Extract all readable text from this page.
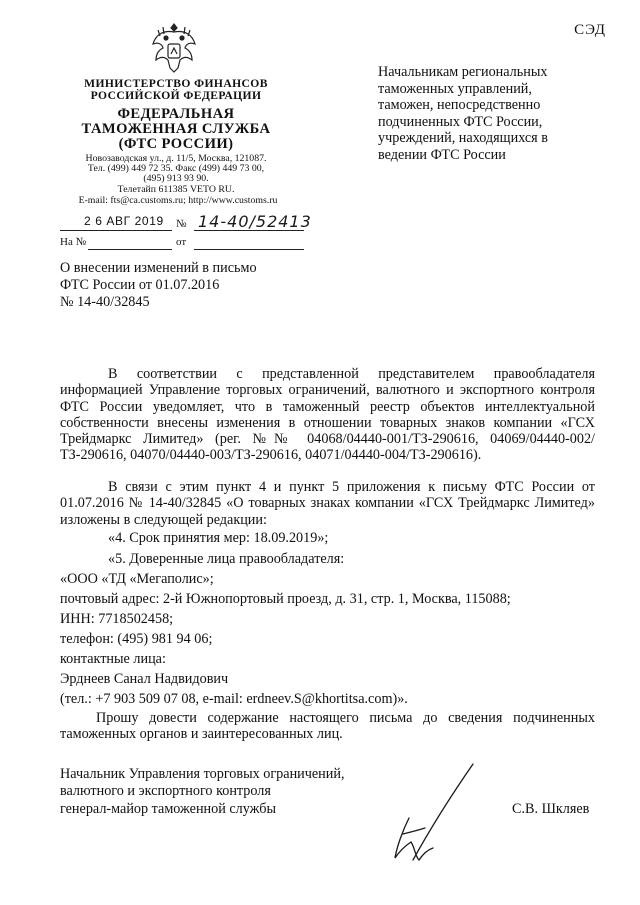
СЭД
МИНИСТЕРСТВО ФИНАНСОВ
РОССИЙСКОЙ ФЕДЕРАЦИИ
ФЕДЕРАЛЬНАЯ
ТАМОЖЕННАЯ СЛУЖБА
(ФТС РОССИИ)
Новозаводская ул., д. 11/5, Москва, 121087.
Тел. (499) 449 72 35. Факс (499) 449 73 00,
(495) 913 93 90.
Телетайп 611385 VETO RU.
E-mail: fts@ca.customs.ru; http://www.customs.ru
2 6 АВГ 2019 № 14-40/52413
На №	от
Начальникам региональных
таможенных управлений,
таможен, непосредственно
подчиненных ФТС России,
учреждений, находящихся в
ведении ФТС России
О внесении изменений в письмо
ФТС России от 01.07.2016
№ 14-40/32845
В соответствии с представленной представителем правообладателя информацией Управление торговых ограничений, валютного и экспортного контроля ФТС России уведомляет, что в таможенный реестр объектов интеллектуальной собственности внесены изменения в отношении товарных знаков компании «ГСХ Трейдмаркс Лимитед» (рег. №№ 04068/04440-001/ТЗ-290616, 04069/04440-002/ТЗ-290616, 04070/04440-003/ТЗ-290616, 04071/04440-004/ТЗ-290616).
В связи с этим пункт 4 и пункт 5 приложения к письму ФТС России от 01.07.2016 № 14-40/32845 «О товарных знаках компании «ГСХ Трейдмаркс Лимитед» изложены в следующей редакции:
«4. Срок принятия мер: 18.09.2019»;
«5. Доверенные лица правообладателя:
«ООО «ТД «Мегаполис»;
почтовый адрес: 2-й Южнопортовый проезд, д. 31, стр. 1, Москва, 115088;
ИНН: 7718502458;
телефон: (495) 981 94 06;
контактные лица:
Эрднеев Санал Надвидович
(тел.: +7 903 509 07 08, e-mail: erdneev.S@khortitsa.com)».
Прошу довести содержание настоящего письма до сведения подчиненных таможенных органов и заинтересованных лиц.
Начальник Управления торговых ограничений,
валютного и экспортного контроля
генерал-майор таможенной службы	С.В. Шкляев
